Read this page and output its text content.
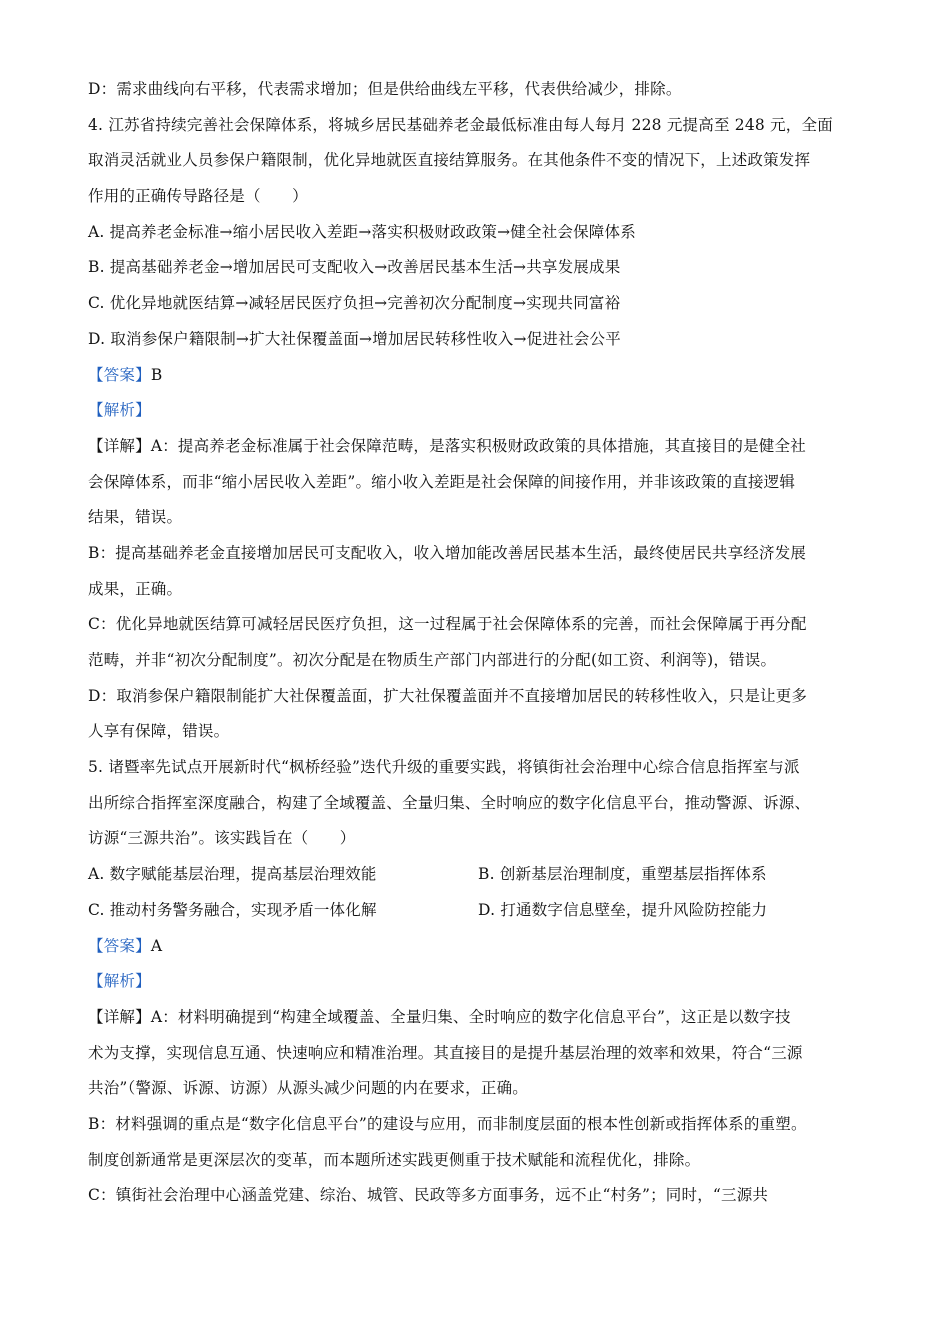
D：需求曲线向右平移，代表需求增加；但是供给曲线左平移，代表供给减少，排除。
4. 江苏省持续完善社会保障体系，将城乡居民基础养老金最低标准由每人每月 228 元提高至 248 元，全面
取消灵活就业人员参保户籍限制，优化异地就医直接结算服务。在其他条件不变的情况下，上述政策发挥
作用的正确传导路径是（　　）
A. 提高养老金标准→缩小居民收入差距→落实积极财政政策→健全社会保障体系
B. 提高基础养老金→增加居民可支配收入→改善居民基本生活→共享发展成果
C. 优化异地就医结算→减轻居民医疗负担→完善初次分配制度→实现共同富裕
D. 取消参保户籍限制→扩大社保覆盖面→增加居民转移性收入→促进社会公平
【答案】B
【解析】
【详解】A：提高养老金标准属于社会保障范畴，是落实积极财政政策的具体措施，其直接目的是健全社
会保障体系，而非“缩小居民收入差距”。缩小收入差距是社会保障的间接作用，并非该政策的直接逻辑
结果，错误。
B：提高基础养老金直接增加居民可支配收入，收入增加能改善居民基本生活，最终使居民共享经济发展
成果，正确。
C：优化异地就医结算可减轻居民医疗负担，这一过程属于社会保障体系的完善，而社会保障属于再分配
范畴，并非“初次分配制度”。初次分配是在物质生产部门内部进行的分配(如工资、利润等)，错误。
D：取消参保户籍限制能扩大社保覆盖面，扩大社保覆盖面并不直接增加居民的转移性收入，只是让更多
人享有保障，错误。
5. 诸暨率先试点开展新时代“枫桥经验”迭代升级的重要实践，将镇街社会治理中心综合信息指挥室与派
出所综合指挥室深度融合，构建了全域覆盖、全量归集、全时响应的数字化信息平台，推动警源、诉源、
访源“三源共治”。该实践旨在（　　）
A. 数字赋能基层治理，提高基层治理效能	B. 创新基层治理制度，重塑基层指挥体系
C. 推动村务警务融合，实现矛盾一体化解	D. 打通数字信息壁垒，提升风险防控能力
【答案】A
【解析】
【详解】A：材料明确提到“构建全域覆盖、全量归集、全时响应的数字化信息平台”，这正是以数字技
术为支撑，实现信息互通、快速响应和精准治理。其直接目的是提升基层治理的效率和效果，符合“三源
共治”（警源、诉源、访源）从源头减少问题的内在要求，正确。
B：材料强调的重点是“数字化信息平台”的建设与应用，而非制度层面的根本性创新或指挥体系的重塑。
制度创新通常是更深层次的变革，而本题所述实践更侧重于技术赋能和流程优化，排除。
C：镇街社会治理中心涵盖党建、综治、城管、民政等多方面事务，远不止“村务”；同时，“三源共
